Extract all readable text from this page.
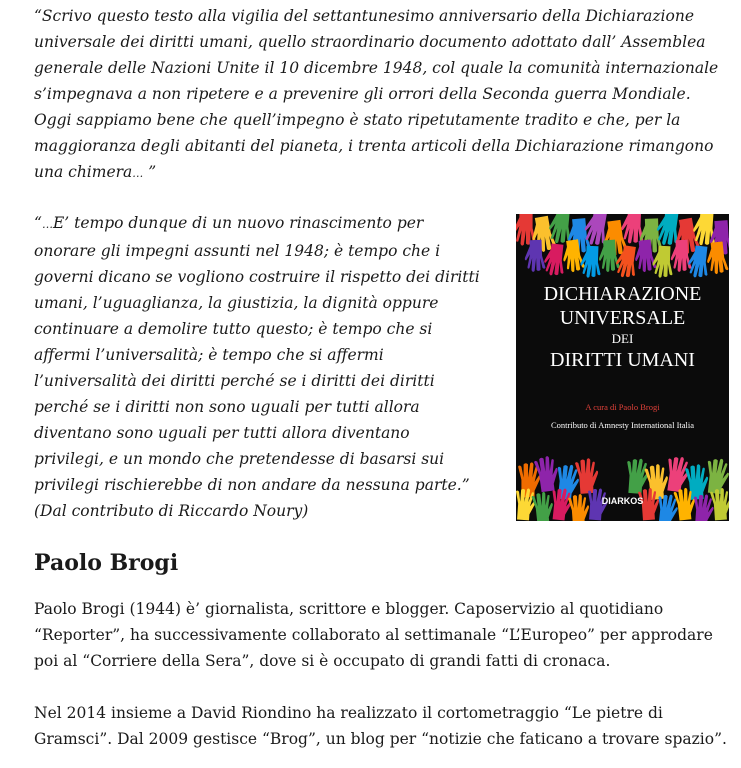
“Scrivo questo testo alla vigilia del settantunesimo anniversario della Dichiarazione
universale dei diritti umani, quello straordinario documento adottato dall’ Assemblea
generale delle Nazioni Unite il 10 dicembre 1948, col quale la comunità internazionale
s’impegnava a non ripetere e a prevenire gli orrori della Seconda guerra Mondiale.
Oggi sappiamo bene che quell’impegno è stato ripetutamente tradito e che, per la
maggioranza degli abitanti del pianeta, i trenta articoli della Dichiarazione rimangono
una chimera… ”

“…E’ tempo dunque di un nuovo rinascimento per
onorare gli impegni assunti nel 1948; è tempo che i
governi dicano se vogliono costruire il rispetto dei diritti
umani, l’uguaglianza, la giustizia, la dignità oppure
continuare a demolire tutto questo; è tempo che si
affermi l’universalità; è tempo che si affermi
l’universalità dei diritti perché se i diritti dei diritti
perché se i diritti non sono uguali per tutti allora
diventano sono uguali per tutti allora diventano
privilegi, e un mondo che pretendesse di basarsi sui
privilegi rischierebbe di non andare da nessuna parte.”
(Dal contributo di Riccardo Noury)

DICHIARAZIONE
UNIVERSALE
DEI
DIRITTI UMANI
A cura di Paolo Brogi
Contributo di Amnesty International Italia
DIARKOS
Paolo Brogi

Paolo Brogi (1944) è’ giornalista, scrittore e blogger. Caposervizio al quotidiano
“Reporter”, ha successivamente collaborato al settimanale “L’Europeo” per approdare
poi al “Corriere della Sera”, dove si è occupato di grandi fatti di cronaca.

Nel 2014 insieme a David Riondino ha realizzato il cortometraggio “Le pietre di
Gramsci”. Dal 2009 gestisce “Brog”, un blog per “notizie che faticano a trovare spazio”.
